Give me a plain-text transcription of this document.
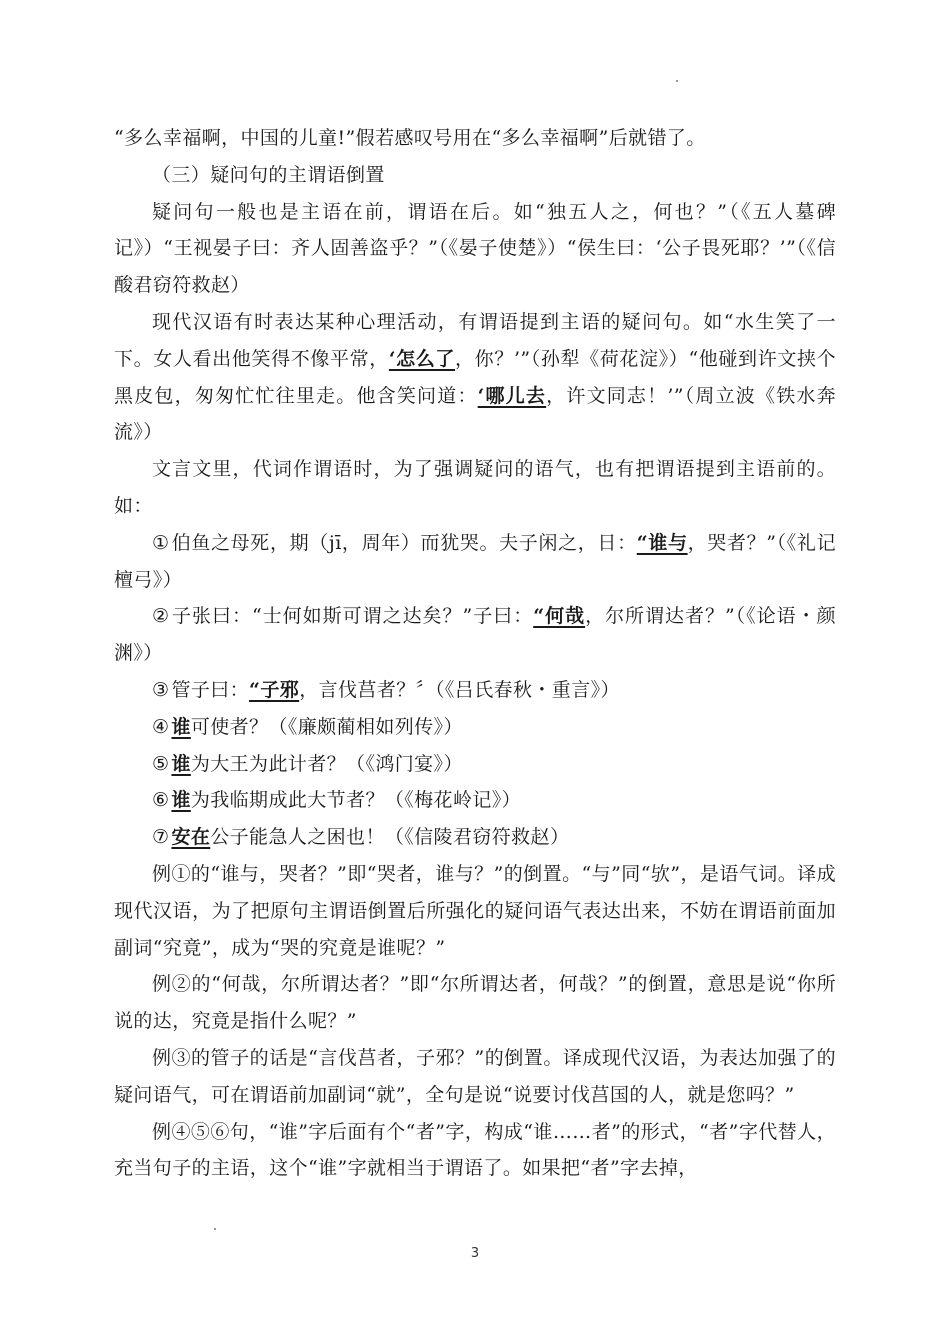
“多么幸福啊，中国的儿童!”假若感叹号用在“多么幸福啊”后就错了。

（三）疑问句的主谓语倒置

疑问句一般也是主语在前，谓语在后。如“独五人之，何也？”（《五人墓碑记》）“王视晏子曰：齐人固善盗乎？”（《晏子使楚》）“侯生曰：‘公子畏死耶？’”（《信酸君窃符救赵）

现代汉语有时表达某种心理活动，有谓语提到主语的疑问句。如“水生笑了一下。女人看出他笑得不像平常，‘怎么了，你？’”（孙犁《荷花淀》）“他碰到许文挟个黑皮包，匆匆忙忙往里走。他含笑问道：‘哪儿去，许文同志！’”（周立波《铁水奔流》）

文言文里，代词作谓语时，为了强调疑问的语气，也有把谓语提到主语前的。如：

① 伯鱼之母死，期（jī，周年）而犹哭。夫子闲之，日：“谁与，哭者？”（《礼记檀弓》）

② 子张曰：“士何如斯可谓之达矣？”子曰：“何哉，尔所谓达者？”（《论语・颜渊》）

③ 管子曰：“子邪，言伐莒者？〞（《吕氏春秋・重言》）

④ 谁可使者？（《廉颇蔺相如列传》）

⑤ 谁为大王为此计者？（《鸿门宴》）

⑥ 谁为我临期成此大节者？（《梅花岭记》）

⑦ 安在公子能急人之困也！（《信陵君窃符救赵）

例①的“谁与，哭者？”即“哭者，谁与？”的倒置。“与”同“欤”，是语气词。译成现代汉语，为了把原句主谓语倒置后所强化的疑问语气表达出来，不妨在谓语前面加副词“究竟”，成为“哭的究竟是谁呢？”

例②的“何哉，尔所谓达者？”即“尔所谓达者，何哉？”的倒置，意思是说“你所说的达，究竟是指什么呢？”

例③的管子的话是“言伐莒者，子邪？”的倒置。译成现代汉语，为表达加强了的疑问语气，可在谓语前加副词“就”，全句是说“说要讨伐莒国的人，就是您吗？”

例④⑤⑥句，“谁”字后面有个“者”字，构成“谁……者”的形式，“者”字代替人，充当句子的主语，这个“谁”字就相当于谓语了。如果把“者”字去掉，

3
